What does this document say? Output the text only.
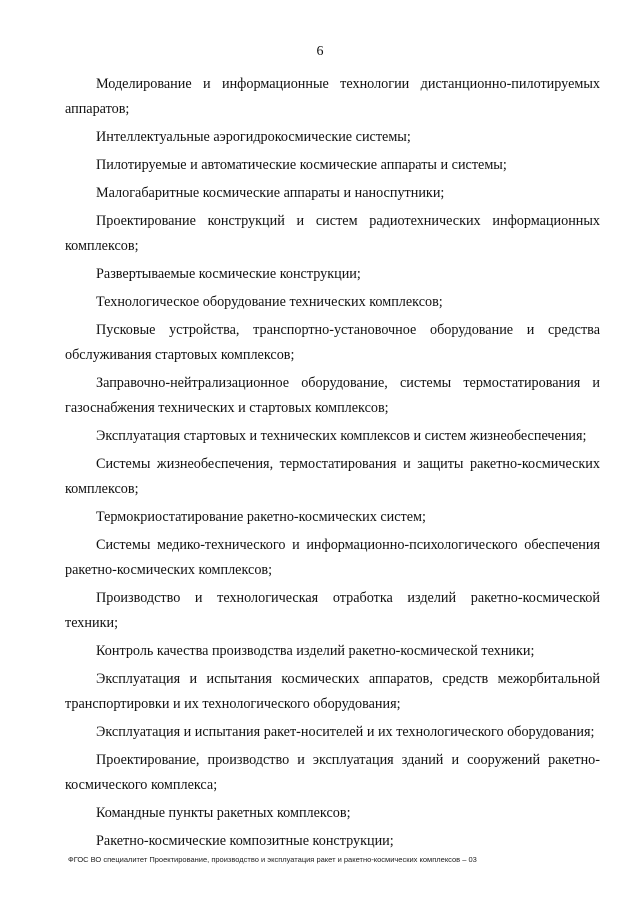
6

Моделирование и информационные технологии дистанционно-пилотируемых аппаратов;

Интеллектуальные аэрогидрокосмические системы;

Пилотируемые и автоматические космические аппараты и системы;

Малогабаритные космические аппараты и наноспутники;

Проектирование конструкций и систем радиотехнических информационных комплексов;

Развертываемые космические конструкции;

Технологическое оборудование технических комплексов;

Пусковые устройства, транспортно-установочное оборудование и средства обслуживания стартовых комплексов;

Заправочно-нейтрализационное оборудование, системы термостатирования и газоснабжения технических и стартовых комплексов;

Эксплуатация стартовых и технических комплексов и систем жизнеобеспечения;

Системы жизнеобеспечения, термостатирования и защиты ракетно-космических комплексов;

Термокриостатирование ракетно-космических систем;

Системы медико-технического и информационно-психологического обеспечения ракетно-космических комплексов;

Производство и технологическая отработка изделий ракетно-космической техники;

Контроль качества производства изделий ракетно-космической техники;

Эксплуатация и испытания космических аппаратов, средств межорбитальной транспортировки и их технологического оборудования;

Эксплуатация и испытания ракет-носителей и их технологического оборудования;

Проектирование, производство и эксплуатация зданий и сооружений ракетно-космического комплекса;

Командные пункты ракетных комплексов;

Ракетно-космические композитные конструкции;

ФГОС ВО специалитет Проектирование, производство и эксплуатация ракет и ракетно-космических комплексов – 03
